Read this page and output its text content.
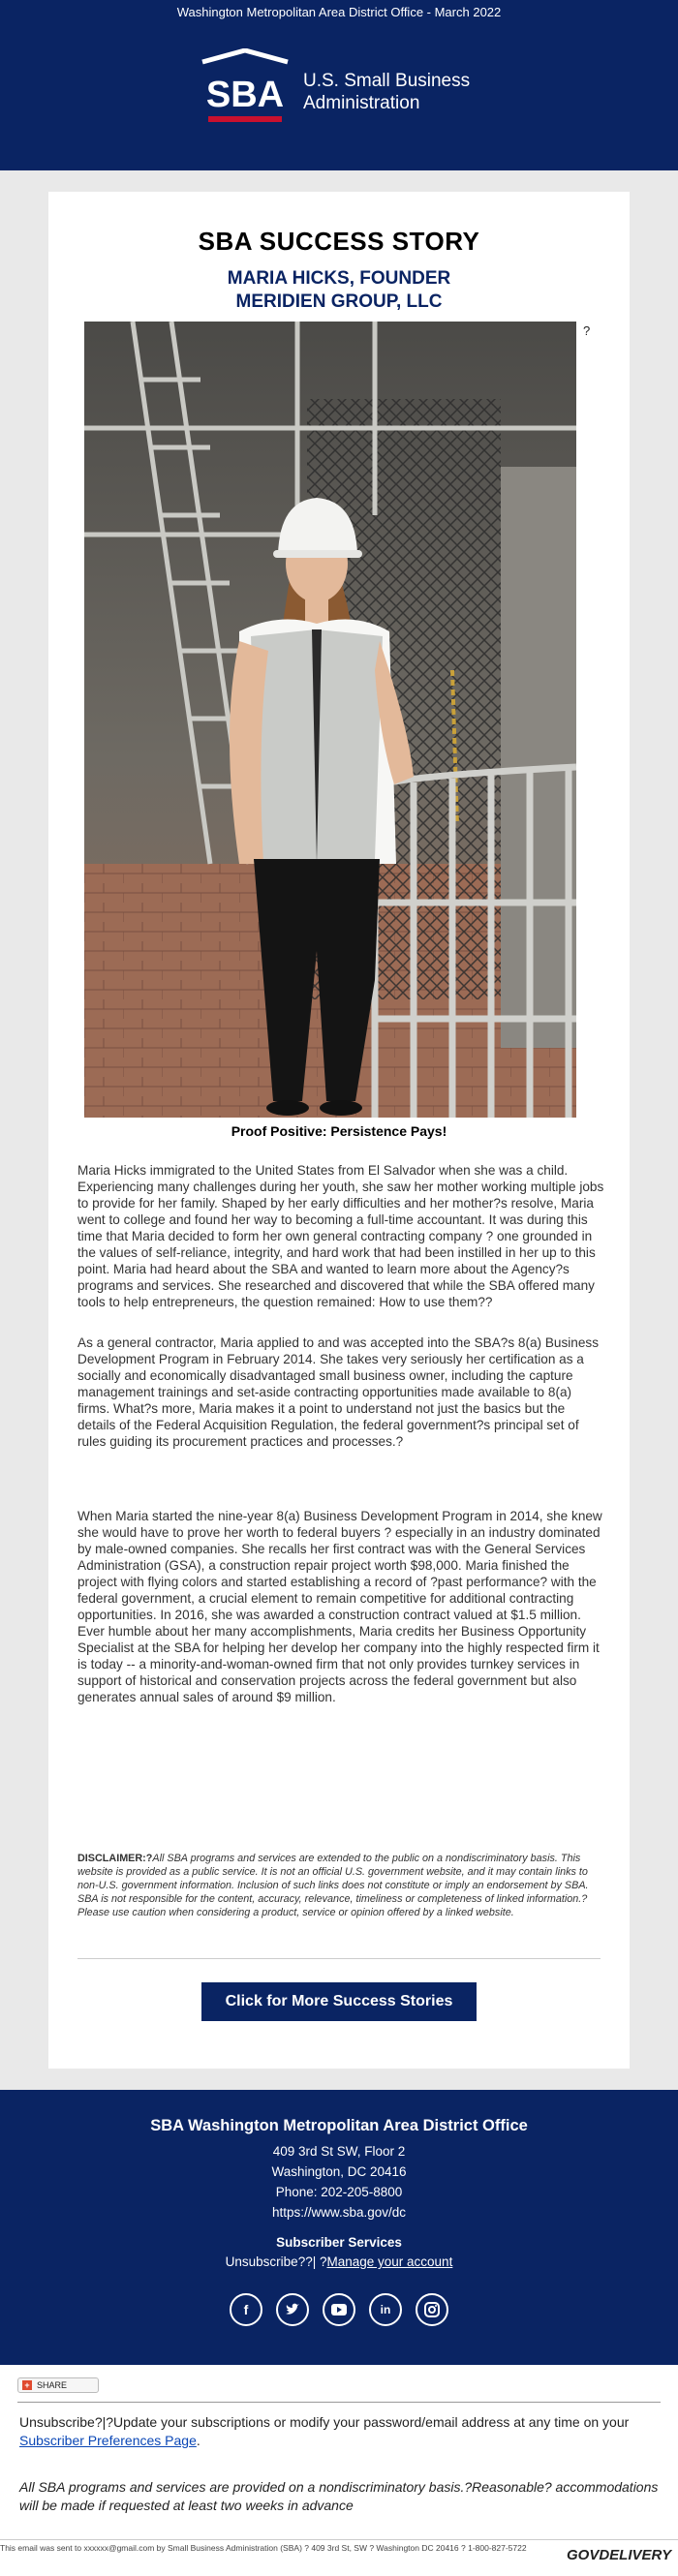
Washington Metropolitan Area District Office - March 2022
SBA U.S. Small Business
Administration
SBA SUCCESS STORY
MARIA HICKS, FOUNDER
MERIDIEN GROUP, LLC
?
Proof Positive: Persistence Pays!

Maria Hicks immigrated to the United States from El Salvador when she was a child. Experiencing many challenges during her youth, she saw her mother working multiple jobs to provide for her family. Shaped by her early difficulties and her mother?s resolve, Maria went to college and found her way to becoming a full-time accountant. It was during this time that Maria decided to form her own general contracting company ? one grounded in the values of self-reliance, integrity, and hard work that had been instilled in her up to this point. Maria had heard about the SBA and wanted to learn more about the Agency?s programs and services. She researched and discovered that while the SBA offered many tools to help entrepreneurs, the question remained: How to use them??

As a general contractor, Maria applied to and was accepted into the SBA?s 8(a) Business Development Program in February 2014. She takes very seriously her certification as a socially and economically disadvantaged small business owner, including the capture management trainings and set-aside contracting opportunities made available to 8(a) firms. What?s more, Maria makes it a point to understand not just the basics but the details of the Federal Acquisition Regulation, the federal government?s principal set of rules guiding its procurement practices and processes.?

When Maria started the nine-year 8(a) Business Development Program in 2014, she knew she would have to prove her worth to federal buyers ? especially in an industry dominated by male-owned companies. She recalls her first contract was with the General Services Administration (GSA), a construction repair project worth $98,000. Maria finished the project with flying colors and started establishing a record of ?past performance? with the federal government, a crucial element to remain competitive for additional contracting opportunities. In 2016, she was awarded a construction contract valued at $1.5 million. Ever humble about her many accomplishments, Maria credits her Business Opportunity Specialist at the SBA for helping her develop her company into the highly respected firm it is today -- a minority-and-woman-owned firm that not only provides turnkey services in support of historical and conservation projects across the federal government but also generates annual sales of around $9 million.

DISCLAIMER:?All SBA programs and services are extended to the public on a nondiscriminatory basis. This website is provided as a public service. It is not an official U.S. government website, and it may contain links to non-U.S. government information. Inclusion of such links does not constitute or imply an endorsement by SBA. SBA is not responsible for the content, accuracy, relevance, timeliness or completeness of linked information.?Please use caution when considering a product, service or opinion offered by a linked website.

Click for More Success Stories
SBA Washington Metropolitan Area District Office
409 3rd St SW, Floor 2
Washington, DC 20416
Phone: 202-205-8800
https://www.sba.gov/dc
Subscriber Services
Unsubscribe??| ?Manage your account
f	in
+ SHARE

Unsubscribe?|?Update your subscriptions or modify your password/email address at any time on your Subscriber Preferences Page.

All SBA programs and services are provided on a nondiscriminatory basis.?Reasonable? accommodations will be made if requested at least two weeks in advance

This email was sent to xxxxxx@gmail.com by Small Business Administration (SBA) ? 409 3rd St, SW ? Washington DC 20416 ? 1-800-827-5722	GOVDELIVERY
